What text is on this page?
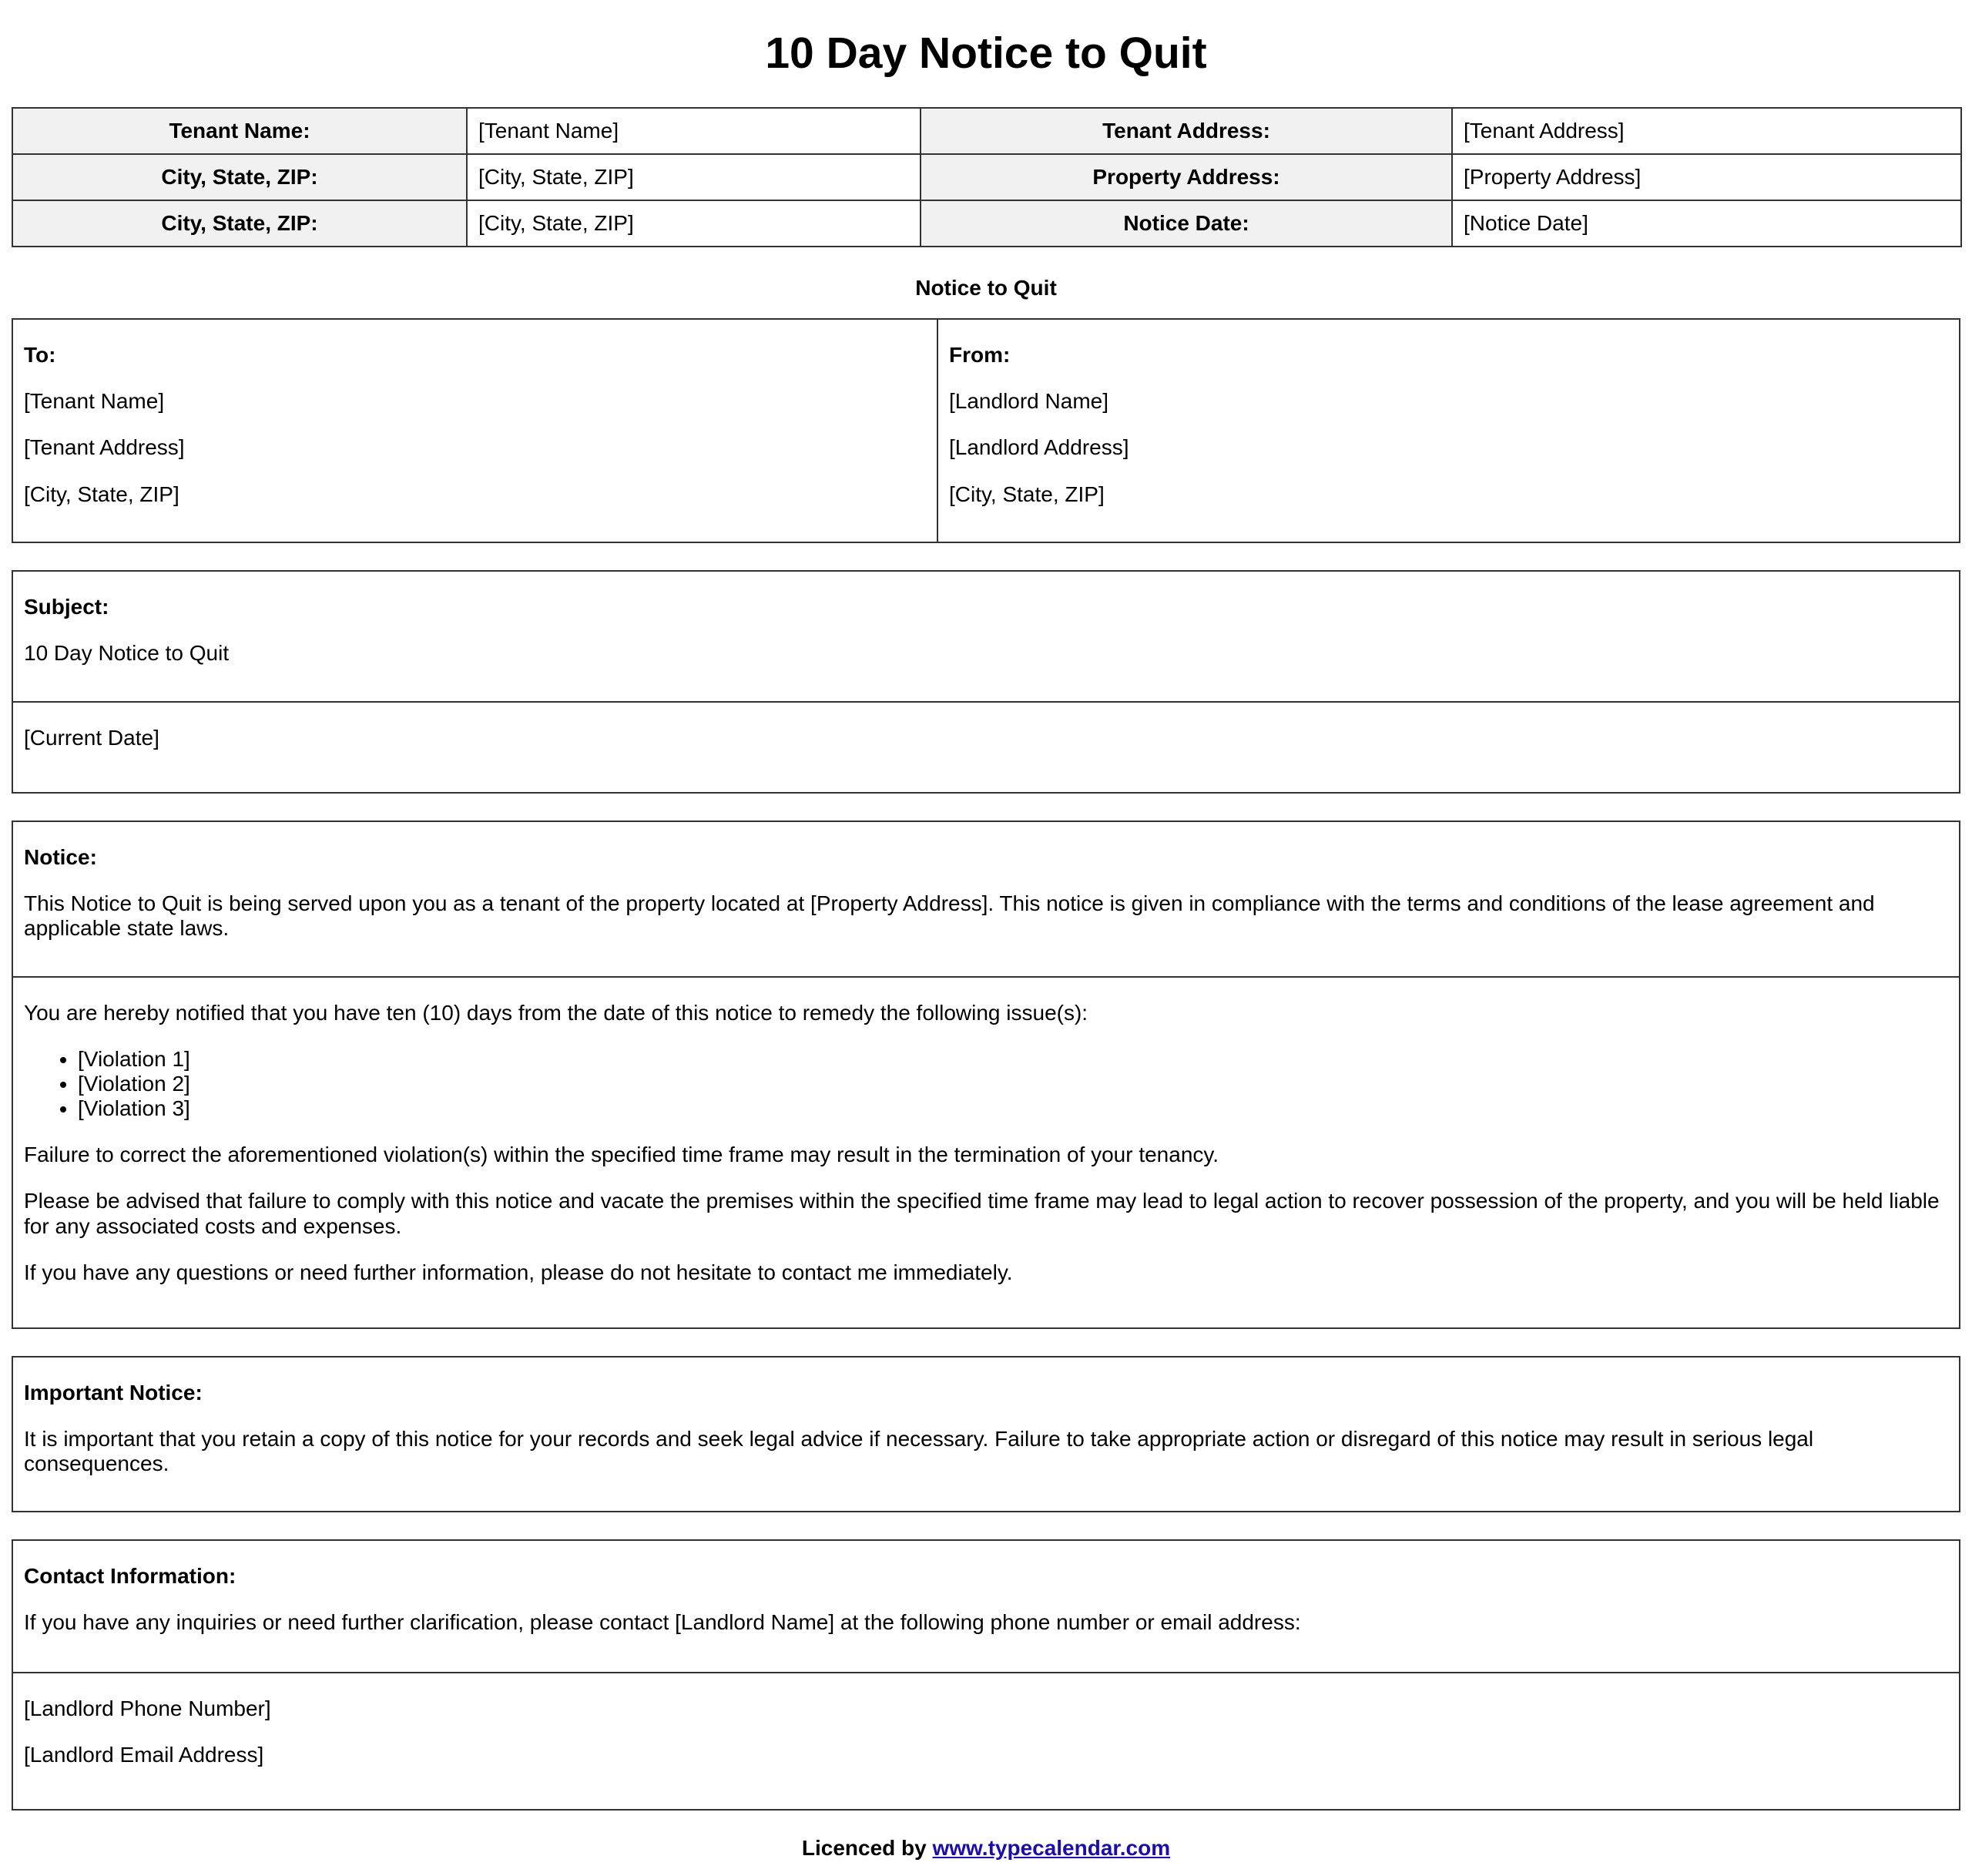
10 Day Notice to Quit
Tenant Name:	[Tenant Name]	Tenant Address:	[Tenant Address]
City, State, ZIP:	[City, State, ZIP]	Property Address:	[Property Address]
City, State, ZIP:	[City, State, ZIP]	Notice Date:	[Notice Date]
Notice to Quit

To:

[Tenant Name]

[Tenant Address]

[City, State, ZIP]

From:

[Landlord Name]

[Landlord Address]

[City, State, ZIP]

Subject:

10 Day Notice to Quit

[Current Date]

Notice:

This Notice to Quit is being served upon you as a tenant of the property located at [Property Address]. This notice is given in compliance with the terms and conditions of the lease agreement and applicable state laws.

You are hereby notified that you have ten (10) days from the date of this notice to remedy the following issue(s):

• [Violation 1]
• [Violation 2]
• [Violation 3]

Failure to correct the aforementioned violation(s) within the specified time frame may result in the termination of your tenancy.

Please be advised that failure to comply with this notice and vacate the premises within the specified time frame may lead to legal action to recover possession of the property, and you will be held liable for any associated costs and expenses.

If you have any questions or need further information, please do not hesitate to contact me immediately.

Important Notice:

It is important that you retain a copy of this notice for your records and seek legal advice if necessary. Failure to take appropriate action or disregard of this notice may result in serious legal consequences.

Contact Information:

If you have any inquiries or need further clarification, please contact [Landlord Name] at the following phone number or email address:

[Landlord Phone Number]

[Landlord Email Address]

Licenced by www.typecalendar.com
